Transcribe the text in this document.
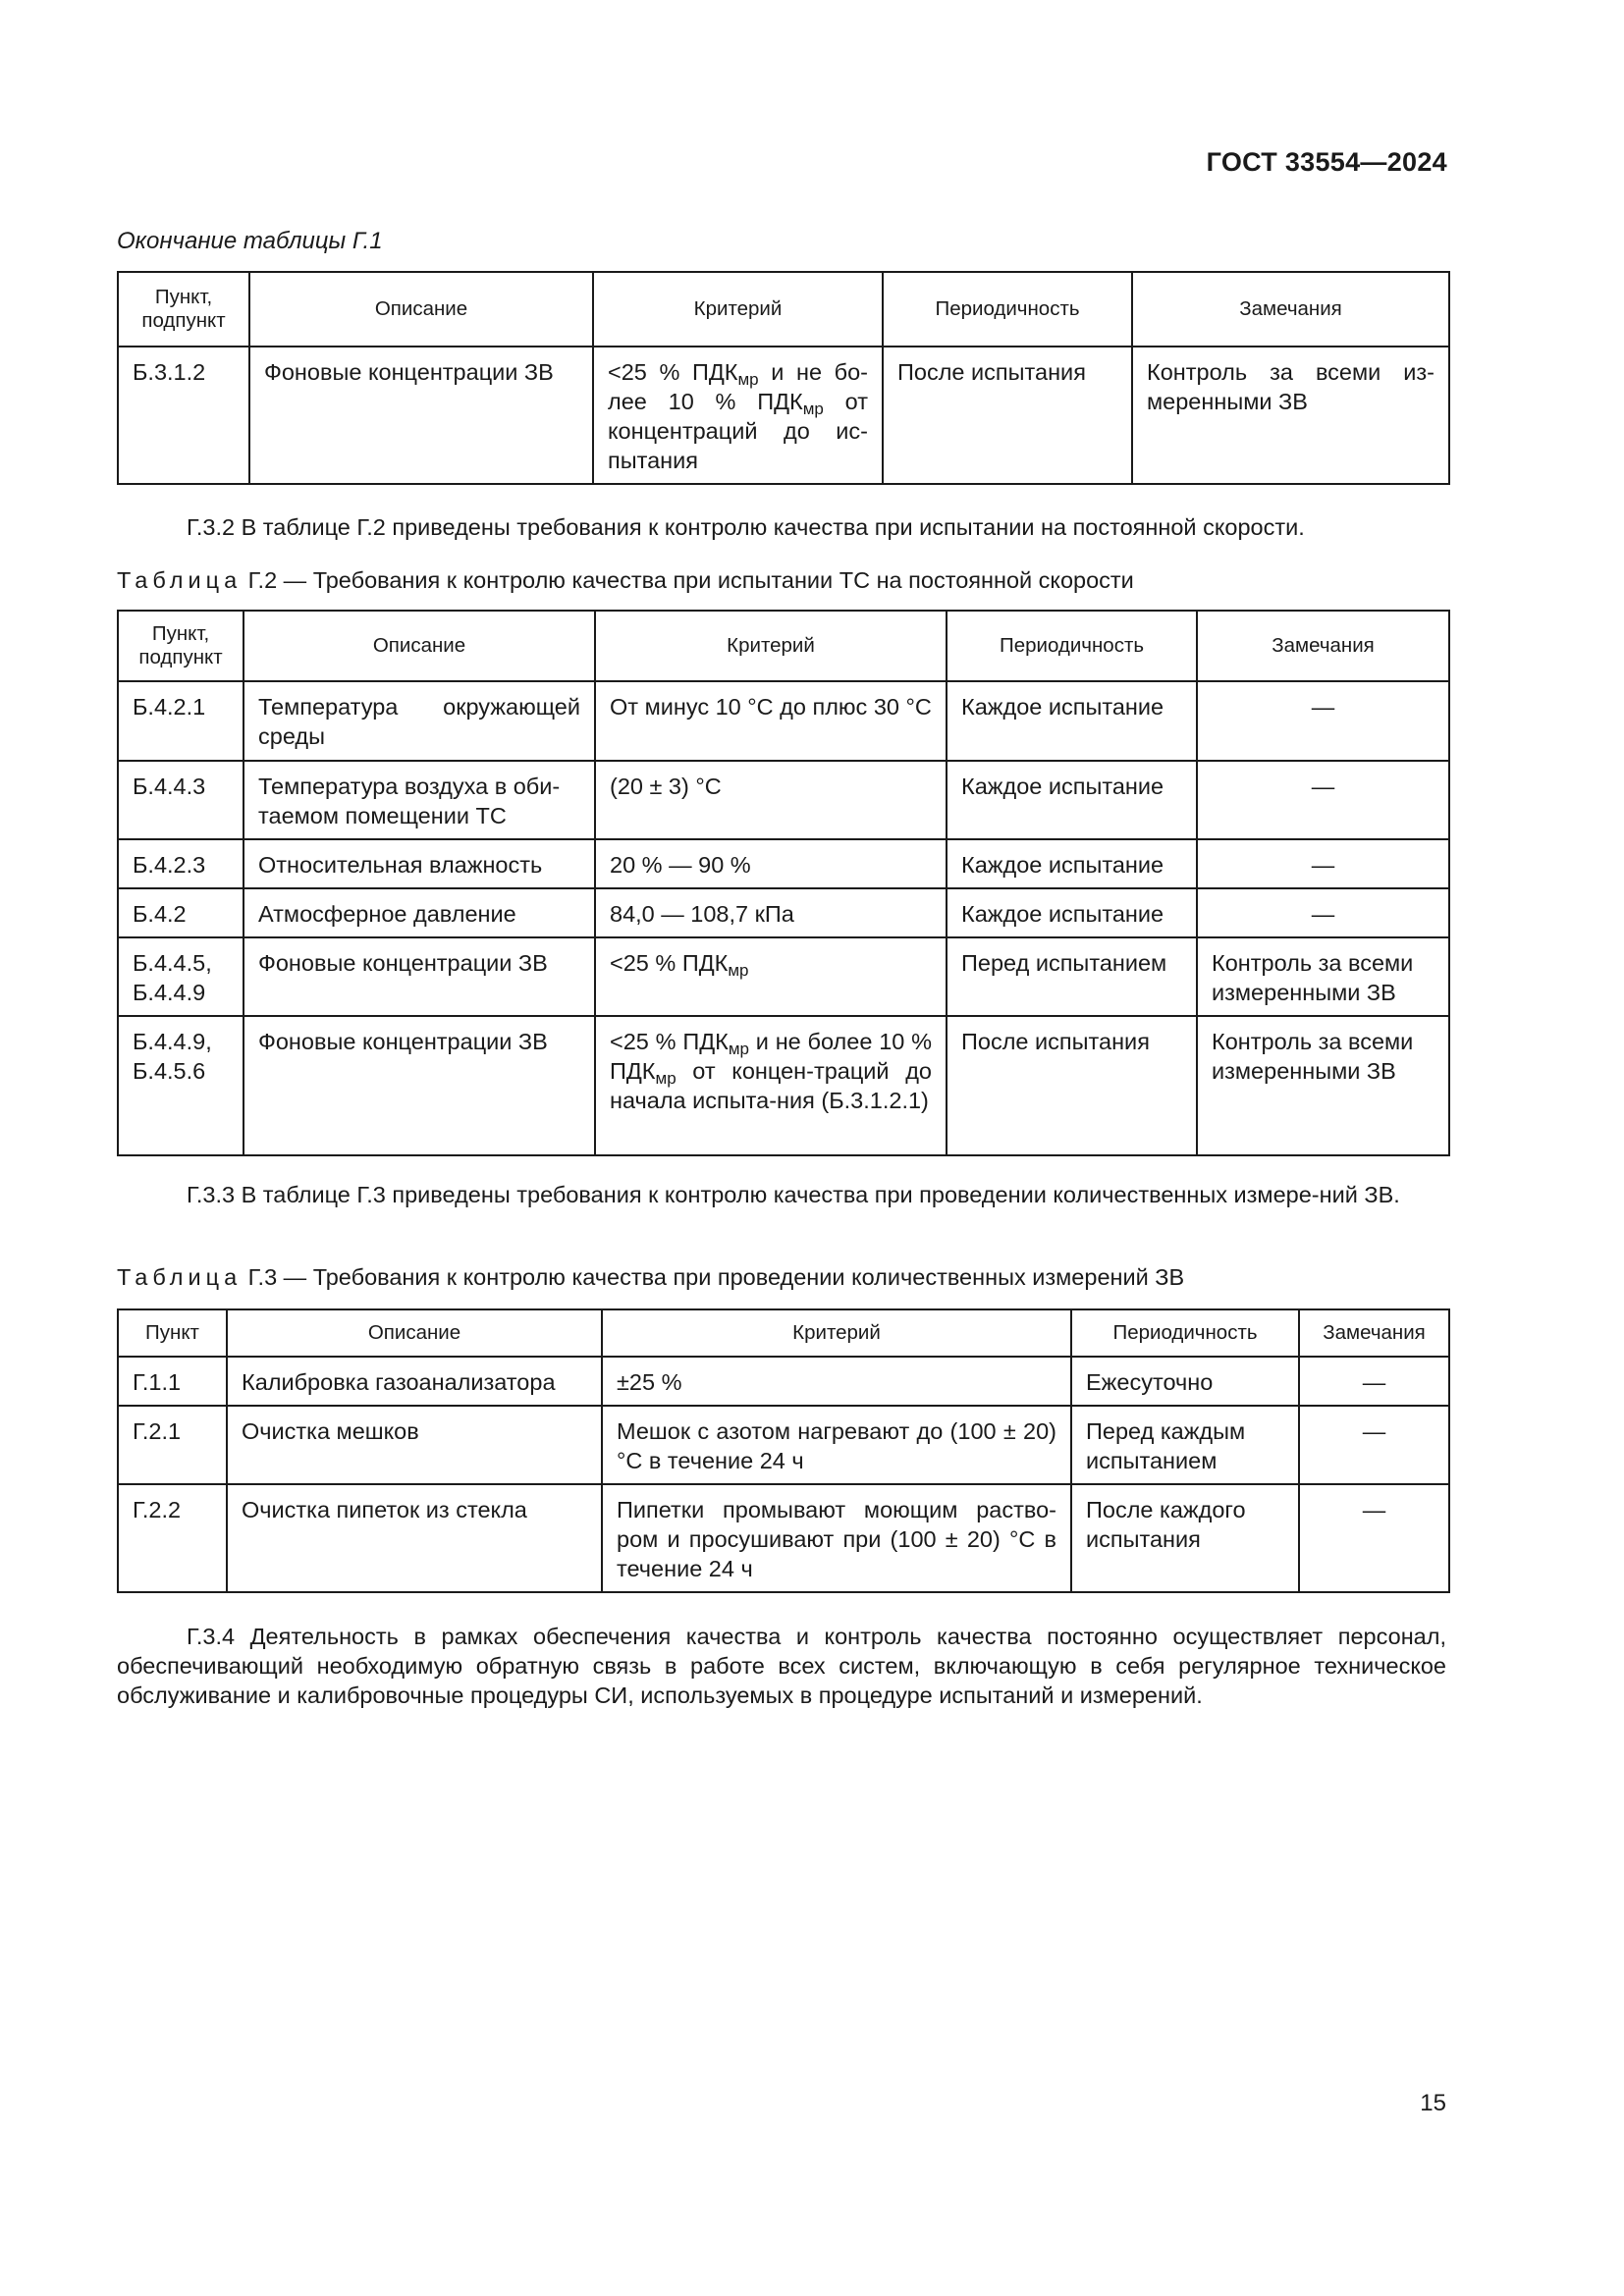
ГОСТ 33554—2024
Окончание таблицы Г.1
Пункт, подпункт	Описание	Критерий	Периодичность	Замечания

Б.3.1.2	Фоновые концентрации ЗВ	<25 % $ПДК_{мр}$ и не бо-лее 10 % $ПДК_{мр}$ от концентраций до ис-пытания	После испытания	Контроль за всеми из-меренными ЗВ
Г.3.2 В таблице Г.2 приведены требования к контролю качества при испытании на постоянной скорости.
Таблица Г.2 — Требования к контролю качества при испытании ТС на постоянной скорости
Пункт, подпункт	Описание	Критерий	Периодичность	Замечания

Б.4.2.1	Температура окружающей среды	От минус 10 °С до плюс 30 °С	Каждое испытание	—

Б.4.4.3	Температура воздуха в оби-таемом помещении ТС	(20 ± 3) °С	Каждое испытание	—

Б.4.2.3	Относительная влажность	20 % — 90 %	Каждое испытание	—

Б.4.2	Атмосферное давление	84,0 — 108,7 кПа	Каждое испытание	—

Б.4.4.5, Б.4.4.9	Фоновые концентрации ЗВ	<25 % $ПДК_{мр}$	Перед испытанием	Контроль за всеми измеренными ЗВ

Б.4.4.9, Б.4.5.6	Фоновые концентрации ЗВ	<25 % $ПДК_{мр}$ и не более 10 % $ПДК_{мр}$ от концен-траций до начала испыта-ния (Б.3.1.2.1)	После испытания	Контроль за всеми измеренными ЗВ
Г.3.3 В таблице Г.3 приведены требования к контролю качества при проведении количественных измере-ний ЗВ.
Таблица Г.3 — Требования к контролю качества при проведении количественных измерений ЗВ
Пункт	Описание	Критерий	Периодичность	Замечания

Г.1.1	Калибровка газоанализатора	±25 %	Ежесуточно	—

Г.2.1	Очистка мешков	Мешок с азотом нагревают до (100 ± 20) °С в течение 24 ч	Перед каждым испытанием	—

Г.2.2	Очистка пипеток из стекла	Пипетки промывают моющим раство-ром и просушивают при (100 ± 20) °С в течение 24 ч	После каждого испытания	—
Г.3.4 Деятельность в рамках обеспечения качества и контроль качества постоянно осуществляет персонал, обеспечивающий необходимую обратную связь в работе всех систем, включающую в себя регулярное техническое обслуживание и калибровочные процедуры СИ, используемых в процедуре испытаний и измерений.
15
